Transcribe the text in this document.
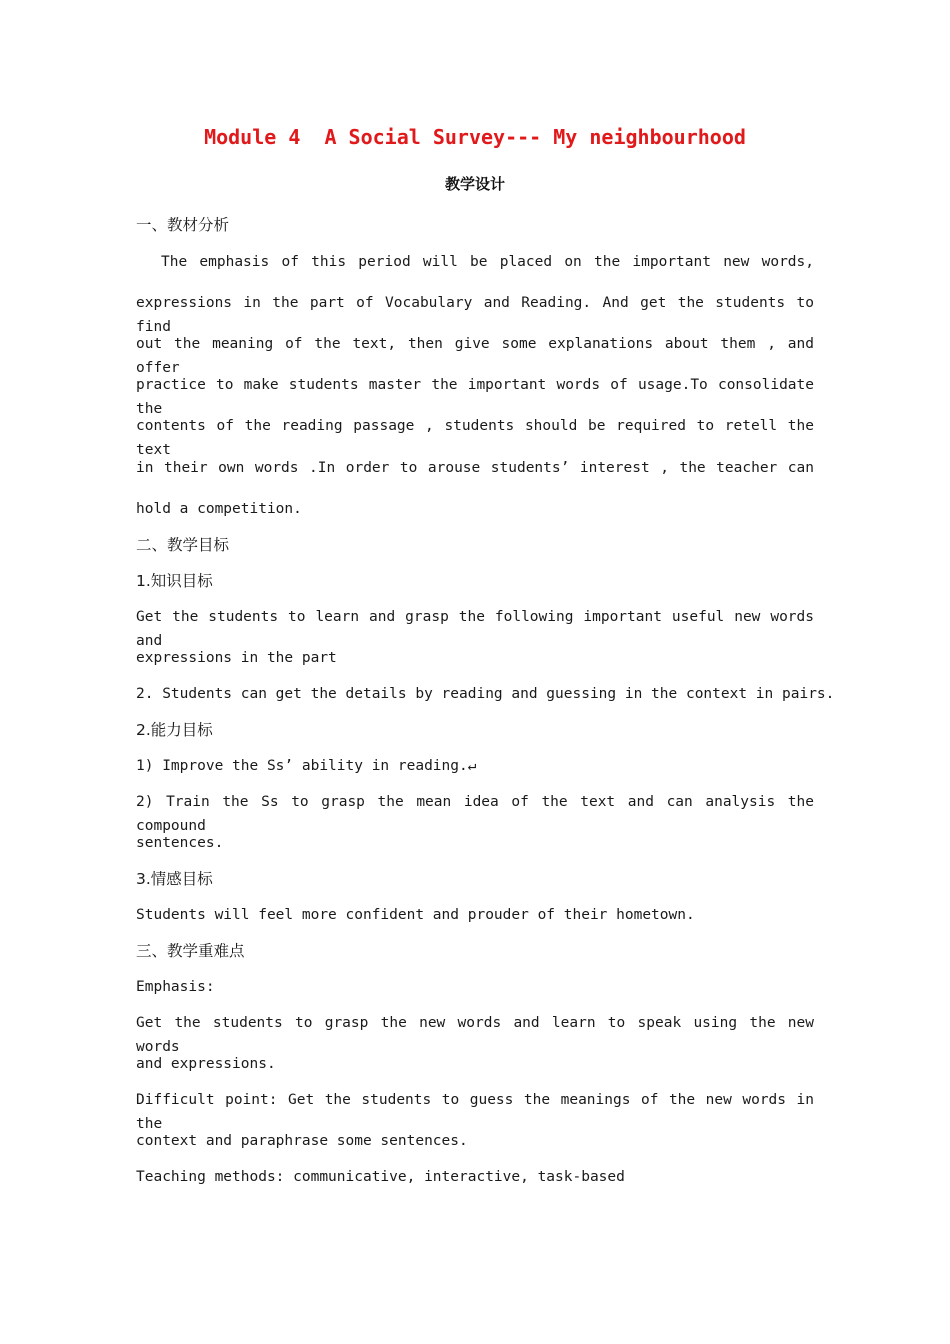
Module 4  A Social Survey--- My neighbourhood
教学设计
一、教材分析
The emphasis of this period will be placed on the important new words,
expressions in the part of Vocabulary and Reading. And get the students to find
out the meaning of the text, then give some explanations about them , and offer
practice to make students master the important words of usage.To consolidate the
contents of the reading passage , students should be required to retell the text
in their own words .In order to arouse students’ interest , the teacher can
hold a competition.
二、教学目标
1.知识目标
Get the students to learn and grasp the following important useful new words and
expressions in the part
2. Students can get the details by reading and guessing in the context in pairs.
2.能力目标
1) Improve the Ss’ ability in reading.↵
2) Train the Ss to grasp the mean idea of the text and can analysis the compound
sentences.
3.情感目标
Students will feel more confident and prouder of their hometown.
三、教学重难点
Emphasis:
Get the students to grasp the new words and learn to speak using the new words
and expressions.
Difficult point: Get the students to guess the meanings of the new words in the
context and paraphrase some sentences.
Teaching methods: communicative, interactive, task-based
